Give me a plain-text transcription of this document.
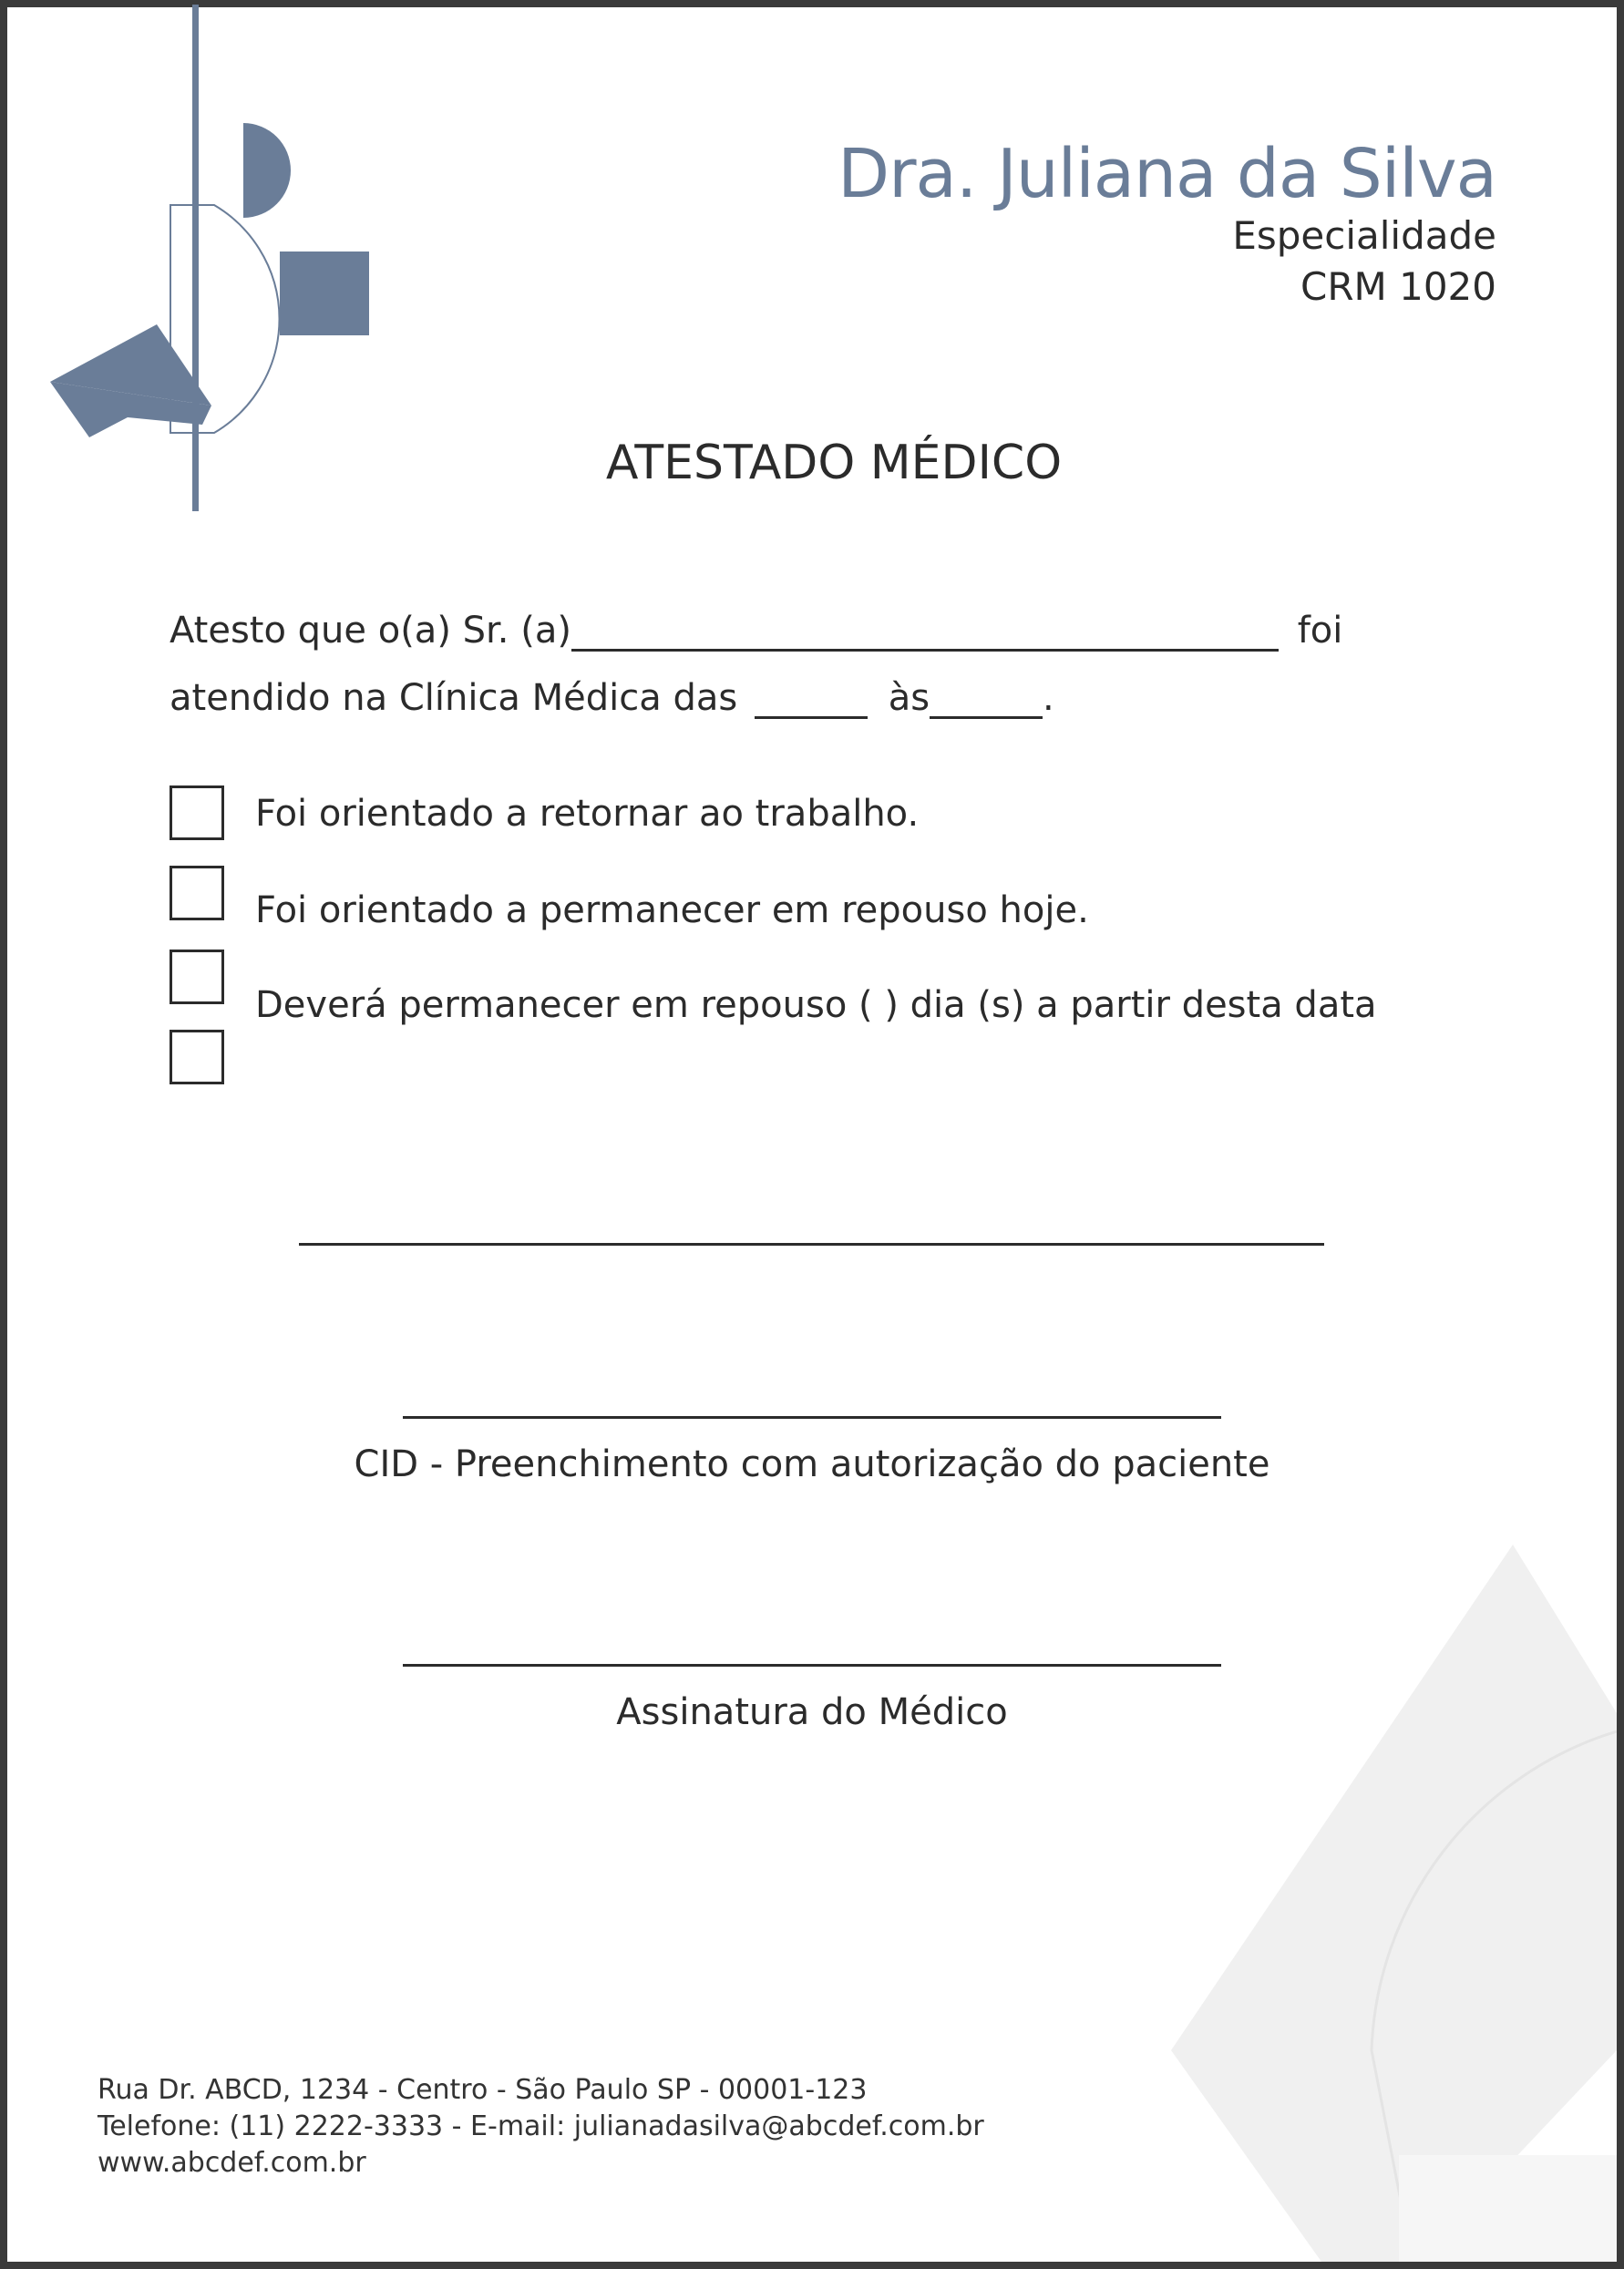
Dra. Juliana da Silva
Especialidade
CRM 1020
ATESTADO MÉDICO
Atesto que o(a) Sr. (a)	foi
atendido na Clínica Médica das	às	.
Foi orientado a retornar ao trabalho.
Foi orientado a permanecer em repouso hoje.
Deverá permanecer em repouso ( ) dia (s) a partir desta data
CID - Preenchimento com autorização do paciente
Assinatura do Médico
Rua Dr. ABCD, 1234 - Centro - São Paulo SP - 00001-123
Telefone: (11) 2222-3333 - E-mail: julianadasilva@abcdef.com.br
www.abcdef.com.br
